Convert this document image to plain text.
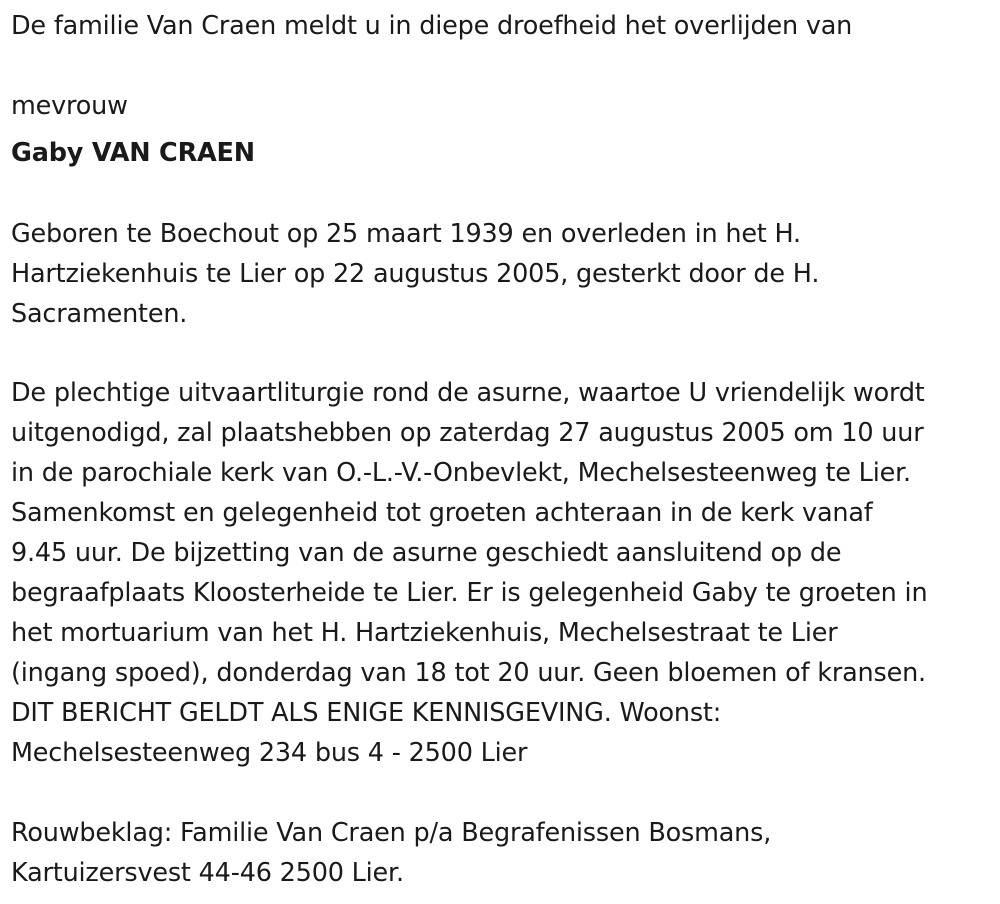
De familie Van Craen meldt u in diepe droefheid het overlijden van
mevrouw
Gaby VAN CRAEN
Geboren te Boechout op 25 maart 1939 en overleden in het H.
Hartziekenhuis te Lier op 22 augustus 2005, gesterkt door de H.
Sacramenten.
De plechtige uitvaartliturgie rond de asurne, waartoe U vriendelijk wordt
uitgenodigd, zal plaatshebben op zaterdag 27 augustus 2005 om 10 uur
in de parochiale kerk van O.-L.-V.-Onbevlekt, Mechelsesteenweg te Lier.
Samenkomst en gelegenheid tot groeten achteraan in de kerk vanaf
9.45 uur. De bijzetting van de asurne geschiedt aansluitend op de
begraafplaats Kloosterheide te Lier. Er is gelegenheid Gaby te groeten in
het mortuarium van het H. Hartziekenhuis, Mechelsestraat te Lier
(ingang spoed), donderdag van 18 tot 20 uur. Geen bloemen of kransen.
DIT BERICHT GELDT ALS ENIGE KENNISGEVING. Woonst:
Mechelsesteenweg 234 bus 4 - 2500 Lier
Rouwbeklag: Familie Van Craen p/a Begrafenissen Bosmans,
Kartuizersvest 44-46 2500 Lier.
